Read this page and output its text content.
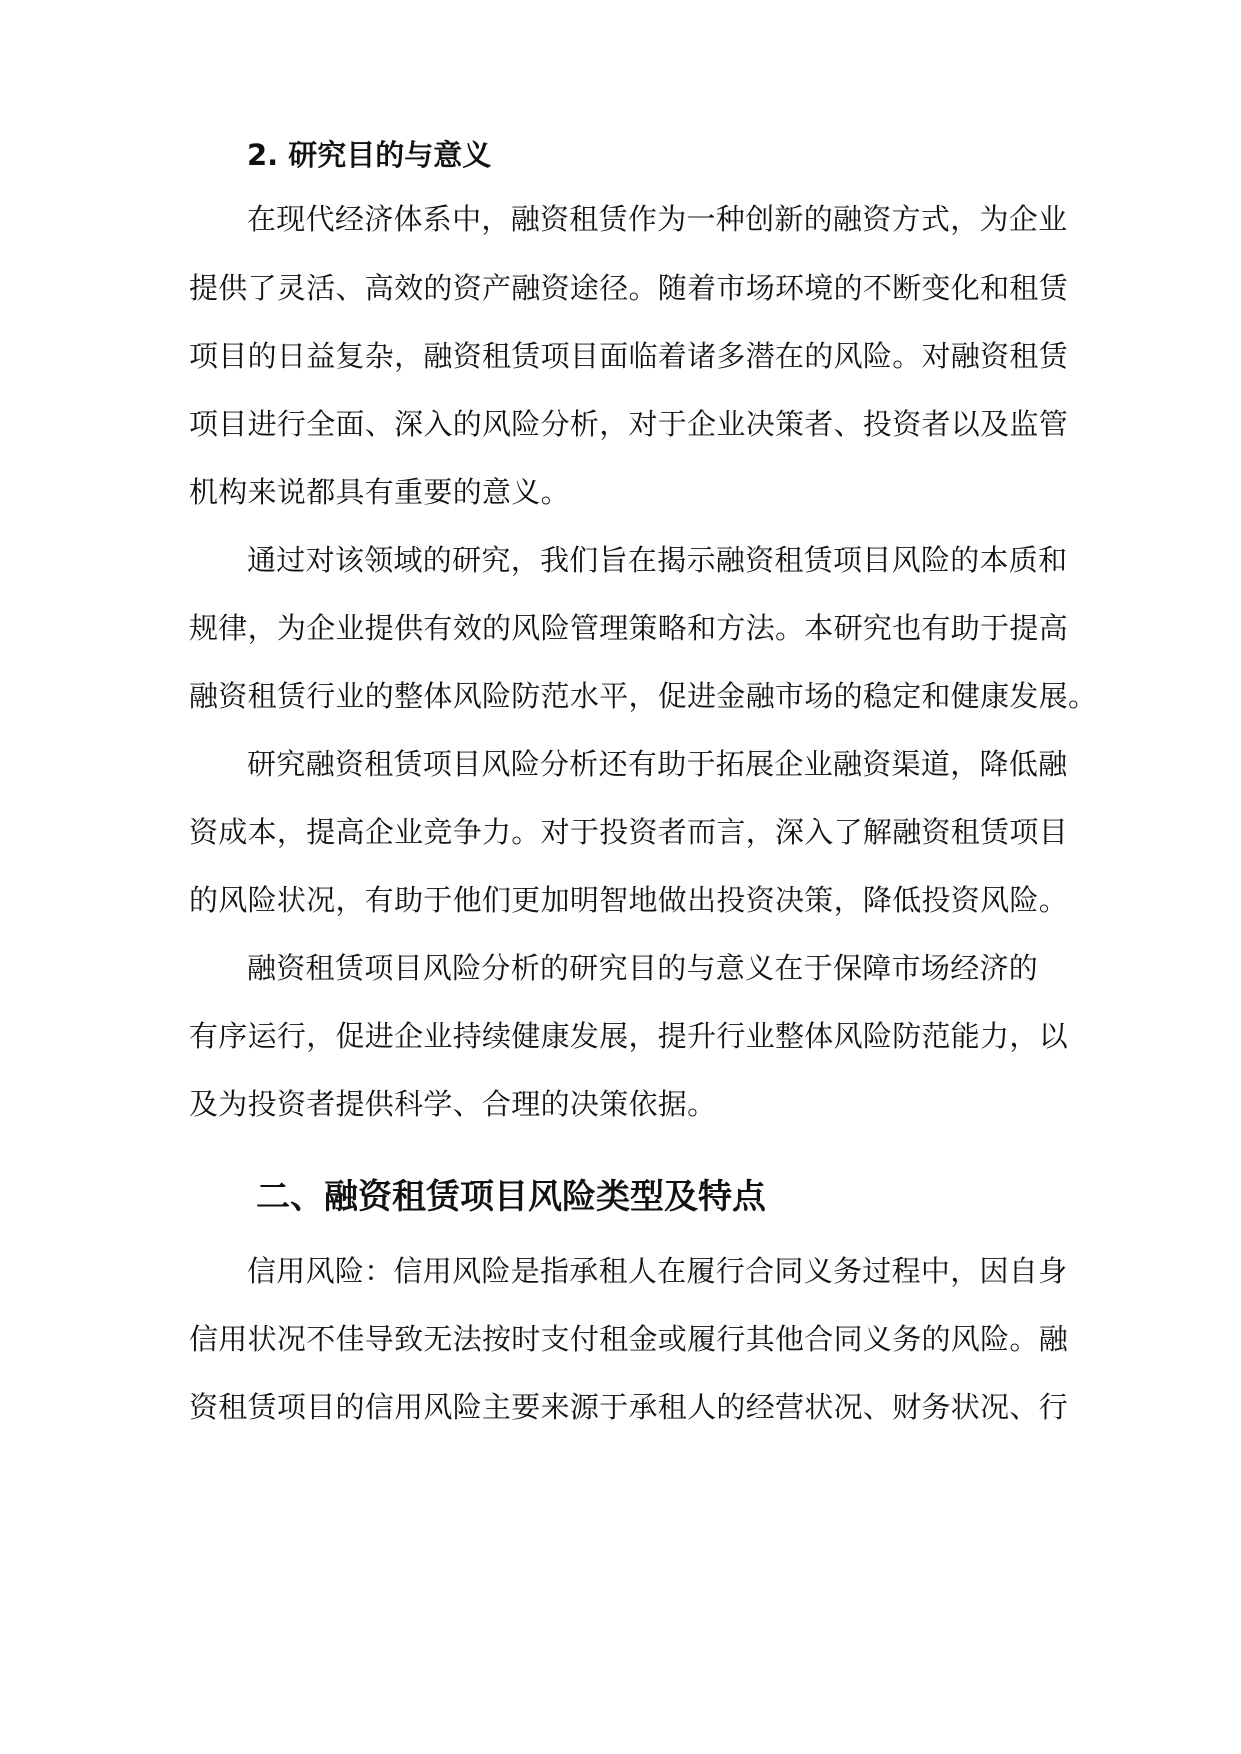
2. 研究目的与意义
在现代经济体系中，融资租赁作为一种创新的融资方式，为企业
提供了灵活、高效的资产融资途径。随着市场环境的不断变化和租赁
项目的日益复杂，融资租赁项目面临着诸多潜在的风险。对融资租赁
项目进行全面、深入的风险分析，对于企业决策者、投资者以及监管
机构来说都具有重要的意义。
通过对该领域的研究，我们旨在揭示融资租赁项目风险的本质和
规律，为企业提供有效的风险管理策略和方法。本研究也有助于提高
融资租赁行业的整体风险防范水平，促进金融市场的稳定和健康发展。
研究融资租赁项目风险分析还有助于拓展企业融资渠道，降低融
资成本，提高企业竞争力。对于投资者而言，深入了解融资租赁项目
的风险状况，有助于他们更加明智地做出投资决策，降低投资风险。
融资租赁项目风险分析的研究目的与意义在于保障市场经济的
有序运行，促进企业持续健康发展，提升行业整体风险防范能力，以
及为投资者提供科学、合理的决策依据。
二、融资租赁项目风险类型及特点
信用风险：信用风险是指承租人在履行合同义务过程中，因自身
信用状况不佳导致无法按时支付租金或履行其他合同义务的风险。融
资租赁项目的信用风险主要来源于承租人的经营状况、财务状况、行
